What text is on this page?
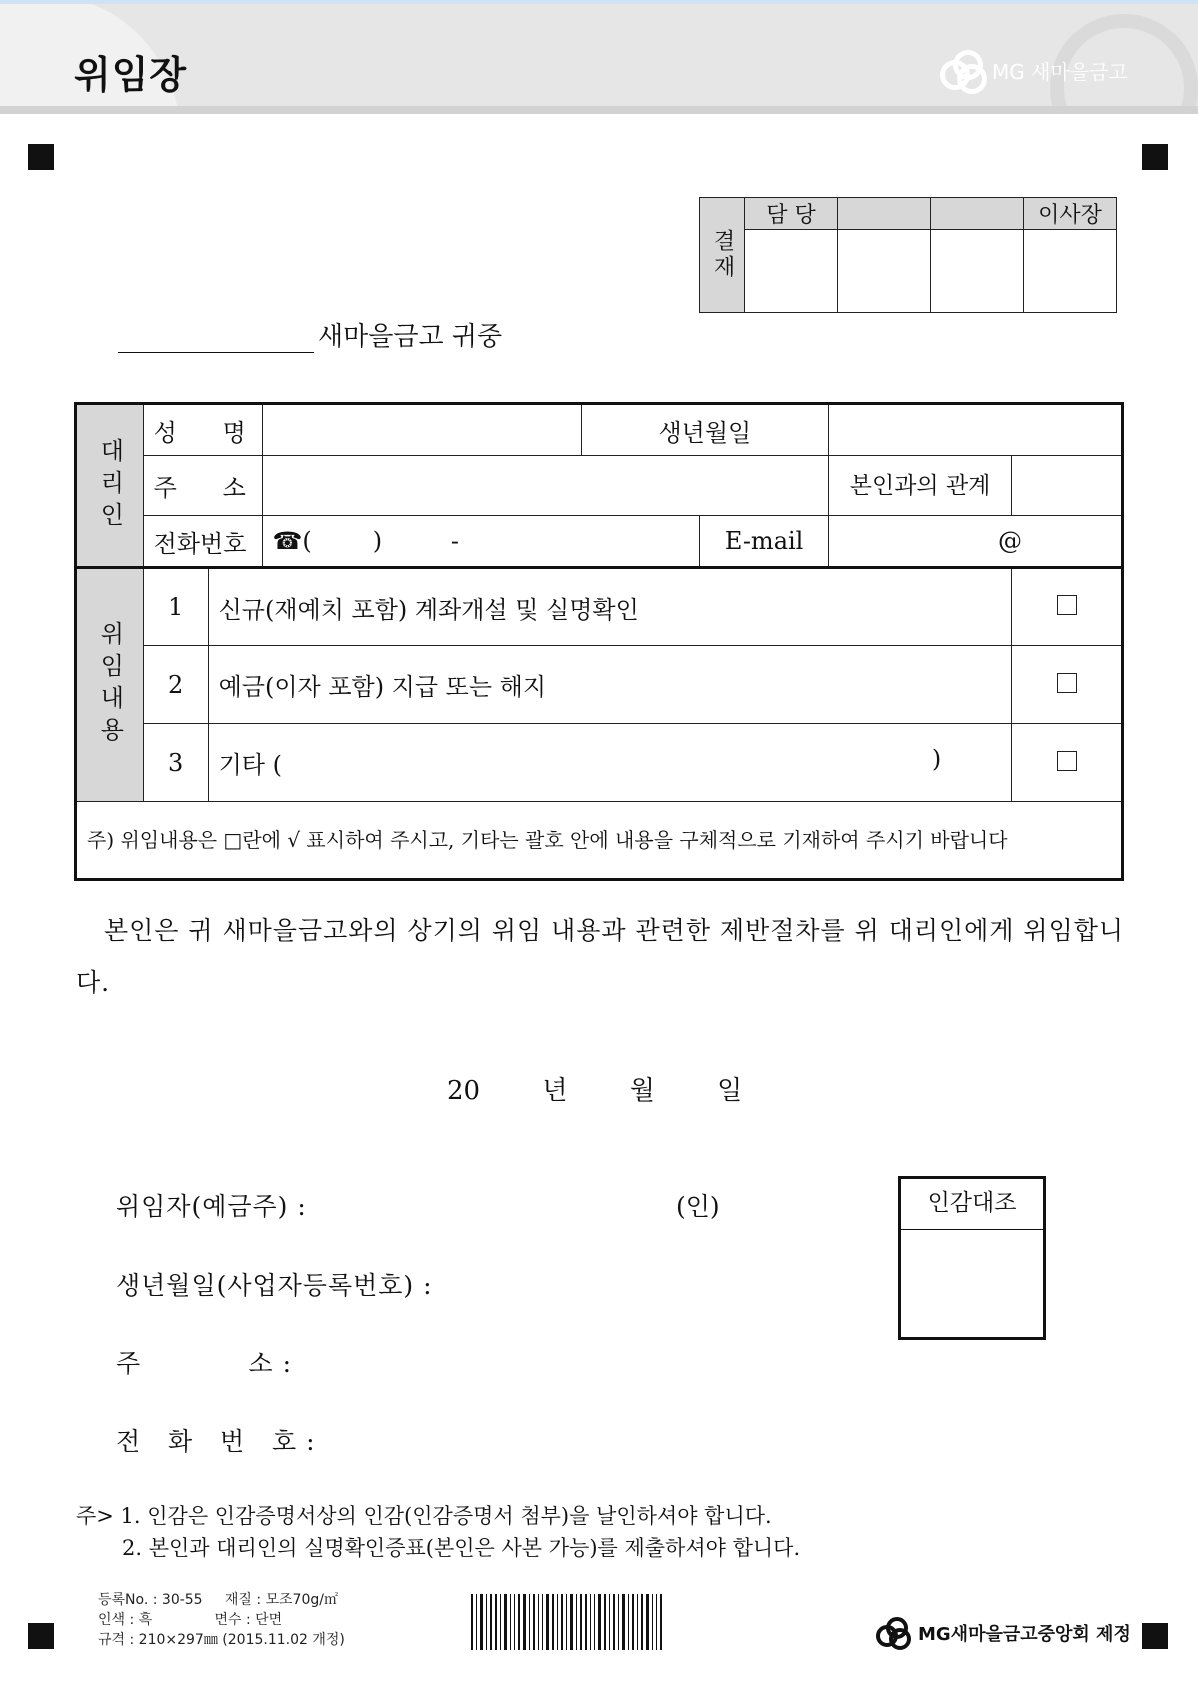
위임장	MG 새마을금고
결재	담 당			이사장

새마을금고 귀중
대리인	성      명			생년월일			
	주      소					본인과의 관계	
	전화번호		☎(        )         -		E-mail	@	

위임내용	1	신규(재예치 포함) 계좌개설 및 실명확인					
	2	예금(이자 포함) 지급 또는 해지					
	3	기타 ( )					

주) 위임내용은 □란에 √ 표시하여 주시고, 기타는 괄호 안에 내용을 구체적으로 기재하여 주시기 바랍니다							
본인은 귀 새마을금고와의 상기의 위임 내용과 관련한 제반절차를 위 대리인에게 위임합니다.
20 년 월 일
위임자(예금주) :	(인)
생년월일(사업자등록번호) :
주            소 :
전   화   번   호 :
인감대조
주> 1. 인감은 인감증명서상의 인감(인감증명서 첨부)을 날인하셔야 합니다.
2. 본인과 대리인의 실명확인증표(본인은 사본 가능)를 제출하셔야 합니다.
등록No. : 30-55     재질 : 모조70g/㎡
인색 : 흑              면수 : 단면
규격 : 210×297㎜ (2015.11.02 개정)	MG새마을금고중앙회 제정
